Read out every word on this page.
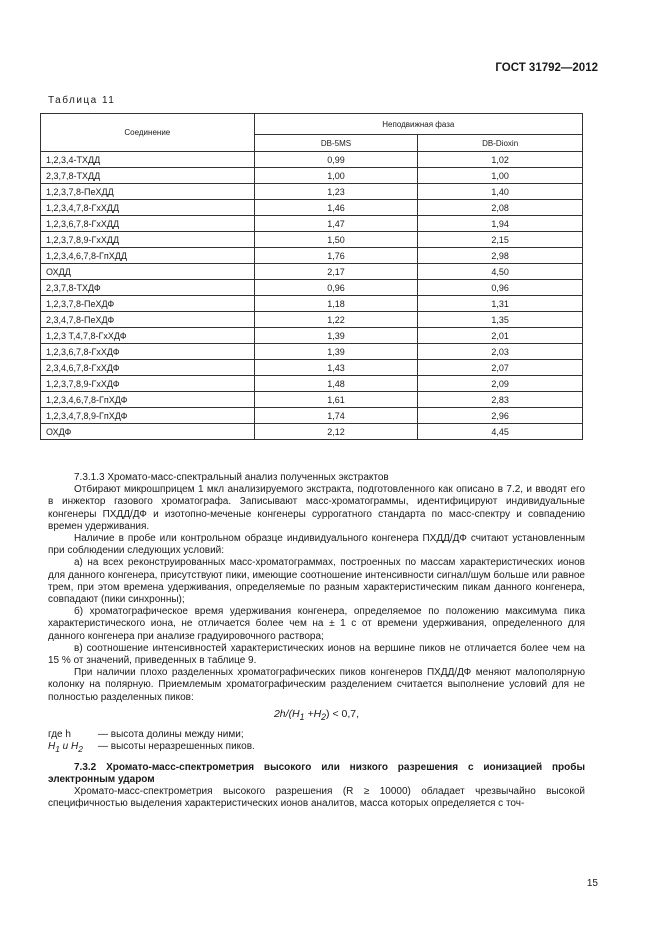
ГОСТ 31792—2012
Таблица 11
Соединение	Неподвижная фаза	
	DB-5MS	DB-Dioxin
1,2,3,4-ТХДД	0,99	1,02
2,3,7,8-ТХДД	1,00	1,00
1,2,3,7,8-ПеХДД	1,23	1,40
1,2,3,4,7,8-ГхХДД	1,46	2,08
1,2,3,6,7,8-ГхХДД	1,47	1,94
1,2,3,7,8,9-ГхХДД	1,50	2,15
1,2,3,4,6,7,8-ГпХДД	1,76	2,98
ОХДД	2,17	4,50
2,3,7,8-ТХДФ	0,96	0,96
1,2,3,7,8-ПеХДФ	1,18	1,31
2,3,4,7,8-ПеХДФ	1,22	1,35
1,2,3 Т,4,7,8-ГхХДФ	1,39	2,01
1,2,3,6,7,8-ГхХДФ	1,39	2,03
2,3,4,6,7,8-ГхХДФ	1,43	2,07
1,2,3,7,8,9-ГхХДФ	1,48	2,09
1,2,3,4,6,7,8-ГпХДФ	1,61	2,83
1,2,3,4,7,8,9-ГпХДФ	1,74	2,96
ОХДФ	2,12	4,45

7.3.1.3 Хромато-масс-спектральный анализ полученных экстрактов

Отбирают микрошприцем 1 мкл анализируемого экстракта, подготовленного как описано в 7.2, и вводят его в инжектор газового хроматографа. Записывают масс-хроматограммы, идентифицируют индивидуальные конгенеры ПХДД/ДФ и изотопно-меченые конгенеры суррогатного стандарта по масс-спектру и совпадению времен удерживания.

Наличие в пробе или контрольном образце индивидуального конгенера ПХДД/ДФ считают установленным при соблюдении следующих условий:

а) на всех реконструированных масс-хроматограммах, построенных по массам характеристических ионов для данного конгенера, присутствуют пики, имеющие соотношение интенсивности сигнал/шум больше или равное трем, при этом времена удерживания, определяемые по разным характеристическим пикам данного конгенера, совпадают (пики синхронны);

б) хроматографическое время удерживания конгенера, определяемое по положению максимума пика характеристического иона, не отличается более чем на ± 1 с от времени удерживания, определенного для данного конгенера при анализе градуировочного раствора;

в) соотношение интенсивностей характеристических ионов на вершине пиков не отличается более чем на 15 % от значений, приведенных в таблице 9.

При наличии плохо разделенных хроматографических пиков конгенеров ПХДД/ДФ меняют малополярную колонку на полярную. Приемлемым хроматографическим разделением считается выполнение условий для не полностью разделенных пиков:

$2h/(H_1 +H_2) < 0,7$,

где h	— высота долины между ними;
$H_1$ и $H_2$	— высоты неразрешенных пиков.

7.3.2 Хромато-масс-спектрометрия высокого или низкого разрешения с ионизацией пробы электронным ударом

Хромато-масс-спектрометрия высокого разрешения (R ≥ 10000) обладает чрезвычайно высокой специфичностью выделения характеристических ионов аналитов, масса которых определяется с точ-

15
